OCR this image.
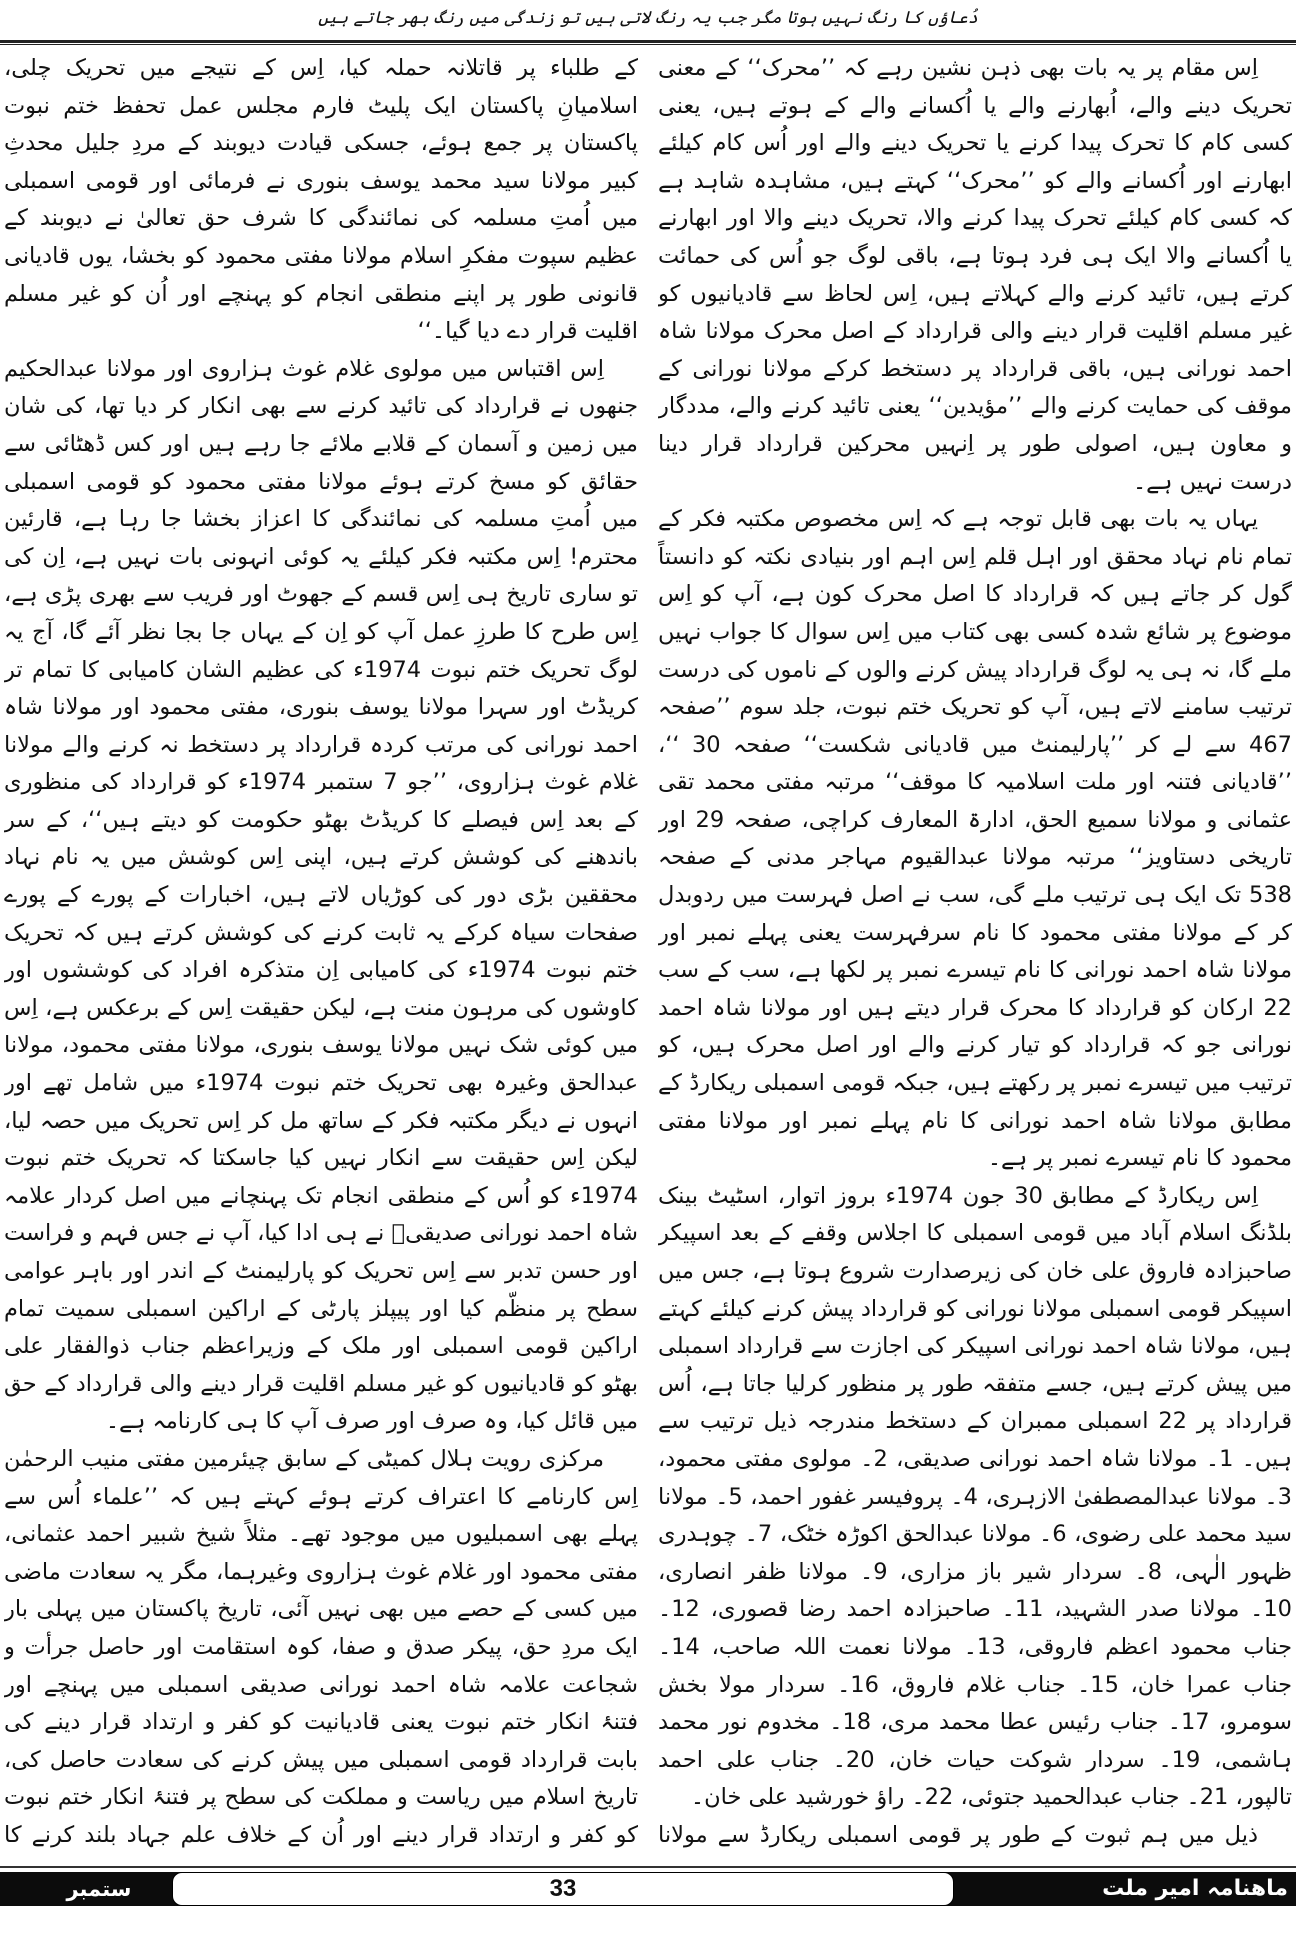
دُعاؤں کا رنگ نہیں ہوتا مگر جب یہ رنگ لاتی ہیں تو زندگی میں رنگ بھر جاتے ہیں

اِس مقام پر یہ بات بھی ذہن نشین رہے کہ ’’محرک‘‘ کے معنی تحریک دینے والے، اُبھارنے والے یا اُکسانے والے کے ہوتے ہیں، یعنی کسی کام کا تحرک پیدا کرنے یا تحریک دینے والے اور اُس کام کیلئے ابھارنے اور اُکسانے والے کو ’’محرک‘‘ کہتے ہیں، مشاہدہ شاہد ہے کہ کسی کام کیلئے تحرک پیدا کرنے والا، تحریک دینے والا اور ابھارنے یا اُکسانے والا ایک ہی فرد ہوتا ہے، باقی لوگ جو اُس کی حمائت کرتے ہیں، تائید کرنے والے کہلاتے ہیں، اِس لحاظ سے قادیانیوں کو غیر مسلم اقلیت قرار دینے والی قرارداد کے اصل محرک مولانا شاہ احمد نورانی ہیں، باقی قرارداد پر دستخط کرکے مولانا نورانی کے موقف کی حمایت کرنے والے ’’مؤیدین‘‘ یعنی تائید کرنے والے، مددگار و معاون ہیں، اصولی طور پر اِنہیں محرکین قرارداد قرار دینا درست نہیں ہے۔

یہاں یہ بات بھی قابل توجہ ہے کہ اِس مخصوص مکتبہ فکر کے تمام نام نہاد محقق اور اہل قلم اِس اہم اور بنیادی نکتہ کو دانستاً گول کر جاتے ہیں کہ قرارداد کا اصل محرک کون ہے، آپ کو اِس موضوع پر شائع شدہ کسی بھی کتاب میں اِس سوال کا جواب نہیں ملے گا، نہ ہی یہ لوگ قرارداد پیش کرنے والوں کے ناموں کی درست ترتیب سامنے لاتے ہیں، آپ کو تحریک ختم نبوت، جلد سوم ’’صفحہ 467 سے لے کر ’’پارلیمنٹ میں قادیانی شکست‘‘ صفحہ 30 ‘‘، ’’قادیانی فتنہ اور ملت اسلامیہ کا موقف‘‘ مرتبہ مفتی محمد تقی عثمانی و مولانا سمیع الحق، ادارۃ المعارف کراچی، صفحہ 29 اور تاریخی دستاویز‘‘ مرتبہ مولانا عبدالقیوم مہاجر مدنی کے صفحہ 538 تک ایک ہی ترتیب ملے گی، سب نے اصل فہرست میں ردوبدل کر کے مولانا مفتی محمود کا نام سرفہرست یعنی پہلے نمبر اور مولانا شاہ احمد نورانی کا نام تیسرے نمبر پر لکھا ہے، سب کے سب 22 ارکان کو قرارداد کا محرک قرار دیتے ہیں اور مولانا شاہ احمد نورانی جو کہ قرارداد کو تیار کرنے والے اور اصل محرک ہیں، کو ترتیب میں تیسرے نمبر پر رکھتے ہیں، جبکہ قومی اسمبلی ریکارڈ کے مطابق مولانا شاہ احمد نورانی کا نام پہلے نمبر اور مولانا مفتی محمود کا نام تیسرے نمبر پر ہے۔

اِس ریکارڈ کے مطابق 30 جون 1974ء بروز اتوار، اسٹیٹ بینک بلڈنگ اسلام آباد میں قومی اسمبلی کا اجلاس وقفے کے بعد اسپیکر صاحبزادہ فاروق علی خان کی زیرصدارت شروع ہوتا ہے، جس میں اسپیکر قومی اسمبلی مولانا نورانی کو قرارداد پیش کرنے کیلئے کہتے ہیں، مولانا شاہ احمد نورانی اسپیکر کی اجازت سے قرارداد اسمبلی میں پیش کرتے ہیں، جسے متفقہ طور پر منظور کرلیا جاتا ہے، اُس قرارداد پر 22 اسمبلی ممبران کے دستخط مندرجہ ذیل ترتیب سے ہیں۔ 1۔ مولانا شاہ احمد نورانی صدیقی، 2۔ مولوی مفتی محمود، 3۔ مولانا عبدالمصطفیٰ الازہری، 4۔ پروفیسر غفور احمد، 5۔ مولانا سید محمد علی رضوی، 6۔ مولانا عبدالحق اکوڑہ خٹک، 7۔ چوہدری ظہور الٰہی، 8۔ سردار شیر باز مزاری، 9۔ مولانا ظفر انصاری، 10۔ مولانا صدر الشہید، 11۔ صاحبزادہ احمد رضا قصوری، 12۔ جناب محمود اعظم فاروقی، 13۔ مولانا نعمت اللہ صاحب، 14۔ جناب عمرا خان، 15۔ جناب غلام فاروق، 16۔ سردار مولا بخش سومرو، 17۔ جناب رئیس عطا محمد مری، 18۔ مخدوم نور محمد ہاشمی، 19۔ سردار شوکت حیات خان، 20۔ جناب علی احمد تالپور، 21۔ جناب عبدالحمید جتوئی، 22۔ راؤ خورشید علی خان۔

ذیل میں ہم ثبوت کے طور پر قومی اسمبلی ریکارڈ سے مولانا

کے طلباء پر قاتلانہ حملہ کیا، اِس کے نتیجے میں تحریک چلی، اسلامیانِ پاکستان ایک پلیٹ فارم مجلس عمل تحفظ ختم نبوت پاکستان پر جمع ہوئے، جسکی قیادت دیوبند کے مردِ جلیل محدثِ کبیر مولانا سید محمد یوسف بنوری نے فرمائی اور قومی اسمبلی میں اُمتِ مسلمہ کی نمائندگی کا شرف حق تعالیٰ نے دیوبند کے عظیم سپوت مفکرِ اسلام مولانا مفتی محمود کو بخشا، یوں قادیانی قانونی طور پر اپنے منطقی انجام کو پہنچے اور اُن کو غیر مسلم اقلیت قرار دے دیا گیا۔‘‘

اِس اقتباس میں مولوی غلام غوث ہزاروی اور مولانا عبدالحکیم جنھوں نے قرارداد کی تائید کرنے سے بھی انکار کر دیا تھا، کی شان میں زمین و آسمان کے قلابے ملائے جا رہے ہیں اور کس ڈھٹائی سے حقائق کو مسخ کرتے ہوئے مولانا مفتی محمود کو قومی اسمبلی میں اُمتِ مسلمہ کی نمائندگی کا اعزاز بخشا جا رہا ہے، قارئین محترم! اِس مکتبہ فکر کیلئے یہ کوئی انہونی بات نہیں ہے، اِن کی تو ساری تاریخ ہی اِس قسم کے جھوٹ اور فریب سے بھری پڑی ہے، اِس طرح کا طرزِ عمل آپ کو اِن کے یہاں جا بجا نظر آئے گا، آج یہ لوگ تحریک ختم نبوت 1974ء کی عظیم الشان کامیابی کا تمام تر کریڈٹ اور سہرا مولانا یوسف بنوری، مفتی محمود اور مولانا شاہ احمد نورانی کی مرتب کردہ قرارداد پر دستخط نہ کرنے والے مولانا غلام غوث ہزاروی، ’’جو 7 ستمبر 1974ء کو قرارداد کی منظوری کے بعد اِس فیصلے کا کریڈٹ بھٹو حکومت کو دیتے ہیں‘‘، کے سر باندھنے کی کوشش کرتے ہیں، اپنی اِس کوشش میں یہ نام نہاد محققین بڑی دور کی کوڑیاں لاتے ہیں، اخبارات کے پورے کے پورے صفحات سیاہ کرکے یہ ثابت کرنے کی کوشش کرتے ہیں کہ تحریک ختم نبوت 1974ء کی کامیابی اِن متذکرہ افراد کی کوششوں اور کاوشوں کی مرہون منت ہے، لیکن حقیقت اِس کے برعکس ہے، اِس میں کوئی شک نہیں مولانا یوسف بنوری، مولانا مفتی محمود، مولانا عبدالحق وغیرہ بھی تحریک ختم نبوت 1974ء میں شامل تھے اور انہوں نے دیگر مکتبہ فکر کے ساتھ مل کر اِس تحریک میں حصہ لیا، لیکن اِس حقیقت سے انکار نہیں کیا جاسکتا کہ تحریک ختم نبوت 1974ء کو اُس کے منطقی انجام تک پہنچانے میں اصل کردار علامہ شاہ احمد نورانی صدیقیؒ نے ہی ادا کیا، آپ نے جس فہم و فراست اور حسن تدبر سے اِس تحریک کو پارلیمنٹ کے اندر اور باہر عوامی سطح پر منظّم کیا اور پیپلز پارٹی کے اراکین اسمبلی سمیت تمام اراکین قومی اسمبلی اور ملک کے وزیراعظم جناب ذوالفقار علی بھٹو کو قادیانیوں کو غیر مسلم اقلیت قرار دینے والی قرارداد کے حق میں قائل کیا، وہ صرف اور صرف آپ کا ہی کارنامہ ہے۔

مرکزی رویت ہلال کمیٹی کے سابق چیئرمین مفتی منیب الرحمٰن اِس کارنامے کا اعتراف کرتے ہوئے کہتے ہیں کہ ’’علماء اُس سے پہلے بھی اسمبلیوں میں موجود تھے۔ مثلاً شیخ شبیر احمد عثمانی، مفتی محمود اور غلام غوث ہزاروی وغیرہما، مگر یہ سعادت ماضی میں کسی کے حصے میں بھی نہیں آئی، تاریخ پاکستان میں پہلی بار ایک مردِ حق، پیکر صدق و صفا، کوہ استقامت اور حاصل جرأت و شجاعت علامہ شاہ احمد نورانی صدیقی اسمبلی میں پہنچے اور فتنۂ انکار ختم نبوت یعنی قادیانیت کو کفر و ارتداد قرار دینے کی بابت قرارداد قومی اسمبلی میں پیش کرنے کی سعادت حاصل کی، تاریخ اسلام میں ریاست و مملکت کی سطح پر فتنۂ انکار ختم نبوت کو کفر و ارتداد قرار دینے اور اُن کے خلاف علم جہاد بلند کرنے کا

ماھنامہ امیر ملت
33
ستمبر    2022ء
